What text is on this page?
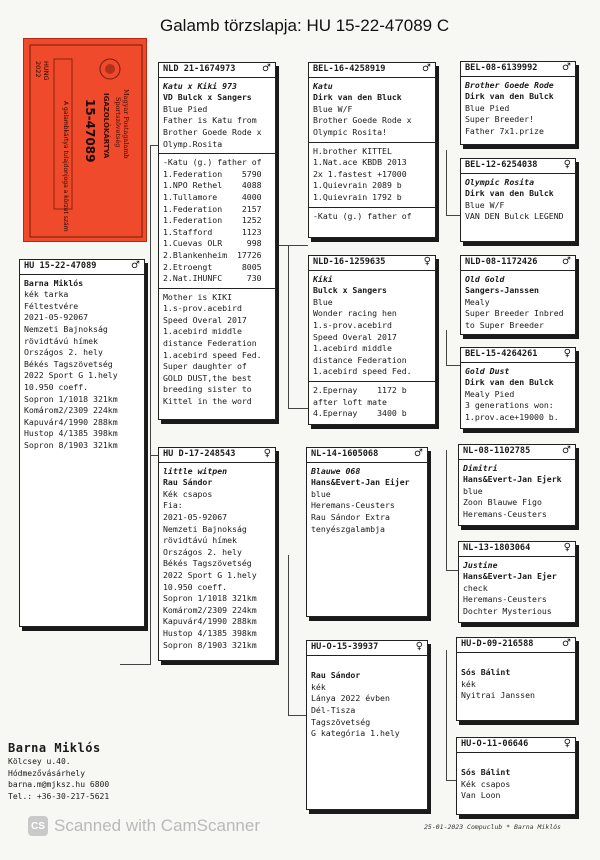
Galamb törzslapja: HU 15-22-47089 C
Magyar Postagalamb
Sportszövetség
IGAZOLÓKÁRTYA
15-47089
A galambkártya tulajdonjoga a körzet szám
HUNG
2022
HU 15-22-47089	♂
Barna Miklós
kék tarka
Féltestvére
2021-05-92067
Nemzeti Bajnokság
rövidtávú hímek
Országos 2. hely
Békés Tagszövetség
2022 Sport G 1.hely
10.950 coeff.
Sopron 1/1018 321km
Komárom2/2309 224km
Kapuvár4/1990 288km
Hustop 4/1385 398km
Sopron 8/1903 321km
NLD 21-1674973	♂
Katu x Kiki 973
VD Bulck x Sangers
Blue Pied
Father is Katu from
Brother Goede Rode x
Olymp.Rosita
-Katu (g.) father of
1.Federation    5790
1.NPO Rethel    4088
1.Tullamore     4000
1.Federation    2157
1.Federation    1252
1.Stafford      1123
1.Cuevas OLR     998
2.Blankenheim  17726
2.Etroengt      8005
2.Nat.IHUNFC     730
Mother is KIKI
1.s-prov.acebird
Speed Overal 2017
1.acebird middle
distance Federation
1.acebird speed Fed.
Super daughter of
GOLD DUST,the best
breeding sister to
Kittel in the word
HU D-17-248543	♀
little witpen
Rau Sándor
Kék csapos
Fia:
2021-05-92067
Nemzeti Bajnokság
rövidtávú hímek
Országos 2. hely
Békés Tagszövetség
2022 Sport G 1.hely
10.950 coeff.
Sopron 1/1018 321km
Komárom2/2309 224km
Kapuvár4/1990 288km
Hustop 4/1385 398km
Sopron 8/1903 321km
BEL-16-4258919	♂
Katu
Dirk van den Bluck
Blue W/F
Brother Goede Rode x
Olympic Rosita!
H.brother KITTEL
1.Nat.ace KBDB 2013
2x 1.fastest +17000
1.Quievrain 2089 b
1.Quievrain 1792 b
-Katu (g.) father of
NLD-16-1259635	♀
Kiki
Bulck x Sangers
Blue
Wonder racing hen
1.s-prov.acebird
Speed Overal 2017
1.acebird middle
distance Federation
1.acebird speed Fed.
2.Epernay    1172 b
after loft mate
4.Epernay    3400 b
NL-14-1605068	♂
Blauwe 068
Hans&Evert-Jan Eijer
blue
Heremans-Ceusters
Rau Sándor Extra
tenyészgalambja
HU-O-15-39937	♀
Rau Sándor
kék
Lánya 2022 évben
Dél-Tisza
Tagszövetség
G kategória 1.hely
BEL-08-6139992 ♂
Brother Goede Rode
Dirk van den Bulck
Blue Pied
Super Breeder!
Father 7x1.prize
BEL-12-6254038	♀
Olympic Rosita
Dirk van den Bulck
Blue W/F
VAN DEN Bulck LEGEND
NLD-08-1172426 ♂
Old Gold
Sangers-Janssen
Mealy
Super Breeder Inbred
to Super Breeder
BEL-15-4264261	♀
Gold Dust
Dirk van den Bulck
Mealy Pied
3 generations won:
1.prov.ace+19000 b.
NL-08-1102785	♂
Dimitri
Hans&Evert-Jan Ejerk
blue
Zoon Blauwe Figo
Heremans-Ceusters
NL-13-1803064	♀
Justine
Hans&Evert-Jan Ejer
check
Heremans-Ceusters
Dochter Mysterious
HU-D-09-216588	♂
Sós Bálint
kék
Nyitrai Janssen
HU-O-11-06646	♀
Sós Bálint
Kék csapos
Van Loon
Barna Miklós
Kölcsey u.40.
Hódmezővásárhely
barna.m@mjksz.hu 6800
Tel.: +36-30-217-5621
CS Scanned with CamScanner	25-01-2023 Compuclub * Barna Miklós
